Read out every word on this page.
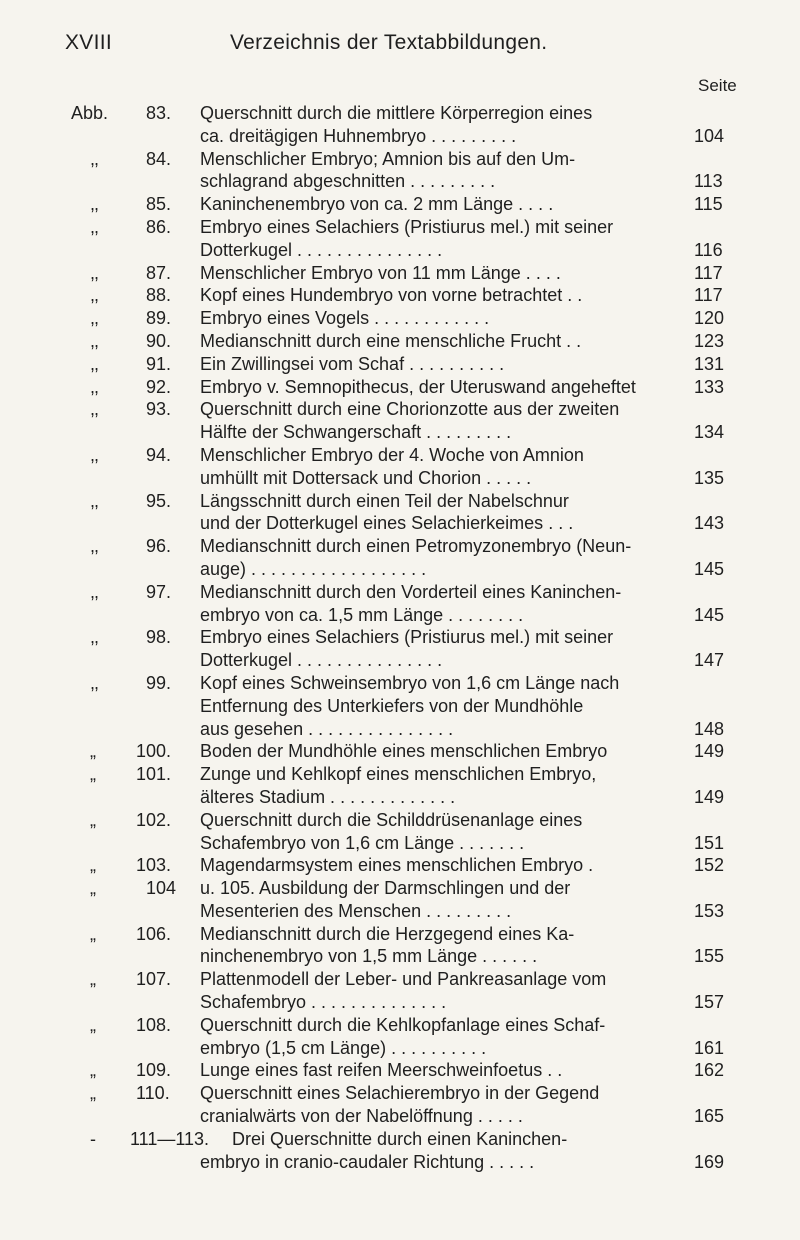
XVIII	Verzeichnis der Textabbildungen.
Seite
Abb. 83. Querschnitt durch die mittlere Körperregion eines
ca. dreitägigen Huhnembryo . . . . . . . . .	104
,,	84. Menschlicher Embryo; Amnion bis auf den Um-
schlagrand abgeschnitten . . . . . . . . .	113
,,	85. Kaninchenembryo von ca. 2 mm Länge . . . .	115
,,	86. Embryo eines Selachiers (Pristiurus mel.) mit seiner
Dotterkugel . . . . . . . . . . . . . . .	116
,,	87. Menschlicher Embryo von 11 mm Länge . . . .	117
,,	88. Kopf eines Hundembryo von vorne betrachtet . .	117
,,	89. Embryo eines Vogels . . . . . . . . . . . .	120
,,	90. Medianschnitt durch eine menschliche Frucht . .	123
,,	91. Ein Zwillingsei vom Schaf . . . . . . . . . .	131
,,	92. Embryo v. Semnopithecus, der Uteruswand angeheftet	133
,,	93. Querschnitt durch eine Chorionzotte aus der zweiten
Hälfte der Schwangerschaft . . . . . . . . .	134
,,	94. Menschlicher Embryo der 4. Woche von Amnion
umhüllt mit Dottersack und Chorion . . . . .	135
,,	95. Längsschnitt durch einen Teil der Nabelschnur
und der Dotterkugel eines Selachierkeimes . . .	143
,,	96. Medianschnitt durch einen Petromyzonembryo (Neun-
auge) . . . . . . . . . . . . . . . . . .	145
,,	97. Medianschnitt durch den Vorderteil eines Kaninchen-
embryo von ca. 1,5 mm Länge . . . . . . . .	145
,,	98. Embryo eines Selachiers (Pristiurus mel.) mit seiner
Dotterkugel . . . . . . . . . . . . . . .	147
,,	99. Kopf eines Schweinsembryo von 1,6 cm Länge nach
Entfernung des Unterkiefers von der Mundhöhle
aus gesehen . . . . . . . . . . . . . . .	148
„ 100. Boden der Mundhöhle eines menschlichen Embryo	149
„ 101. Zunge und Kehlkopf eines menschlichen Embryo,
älteres Stadium . . . . . . . . . . . . .	149
„ 102. Querschnitt durch die Schilddrüsenanlage eines
Schafembryo von 1,6 cm Länge . . . . . . .	151
„ 103. Magendarmsystem eines menschlichen Embryo .	152
„	104 u. 105. Ausbildung der Darmschlingen und der
Mesenterien des Menschen . . . . . . . . .	153
„ 106. Medianschnitt durch die Herzgegend eines Ka-
ninchenembryo von 1,5 mm Länge . . . . . .	155
„ 107. Plattenmodell der Leber- und Pankreasanlage vom
Schafembryo . . . . . . . . . . . . . .	157
„ 108. Querschnitt durch die Kehlkopfanlage eines Schaf-
embryo (1,5 cm Länge) . . . . . . . . . .	161
„ 109. Lunge eines fast reifen Meerschweinfoetus . .	162
„ 110. Querschnitt eines Selachierembryo in der Gegend
cranialwärts von der Nabelöffnung . . . . .	165
- 111—113. Drei Querschnitte durch einen Kaninchen-
embryo in cranio-caudaler Richtung . . . . .	169
